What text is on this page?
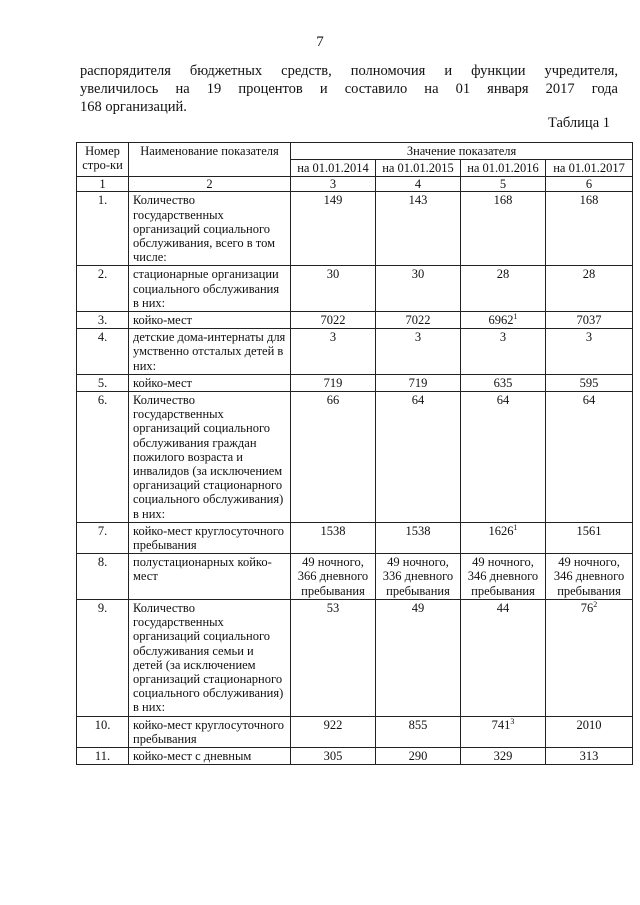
7
распорядителя бюджетных средств, полномочия и функции учредителя,
увеличилось на 19 процентов и составило на 01 января 2017 года
168 организаций.
Таблица 1
Номер стро-ки	Наименование показателя	Значение показателя			
		на 01.01.2014	на 01.01.2015	на 01.01.2016	на 01.01.2017
1	2	3	4	5	6
1.	Количество государственных организаций социального обслуживания, всего в том числе:	149	143	168	168
2.	стационарные организации социального обслуживания в них:	30	30	28	28
3.	койко-мест	7022	7022	6962$^1$	7037
4.	детские дома-интернаты для умственно отсталых детей в них:	3	3	3	3
5.	койко-мест	719	719	635	595
6.	Количество государственных организаций социального обслуживания граждан пожилого возраста и инвалидов (за исключением организаций стационарного социального обслуживания) в них:	66	64	64	64
7.	койко-мест круглосуточного пребывания	1538	1538	1626$^1$	1561
8.	полустационарных койко-мест	49 ночного, 366 дневного пребывания	49 ночного, 336 дневного пребывания	49 ночного, 346 дневного пребывания	49 ночного, 346 дневного пребывания
9.	Количество государственных организаций социального обслуживания семьи и детей (за исключением организаций стационарного социального обслуживания) в них:	53	49	44	$76^2$
10.	койко-мест круглосуточного пребывания	922	855	$741^3$	2010
11.	койко-мест с дневным	305	290	329	313
